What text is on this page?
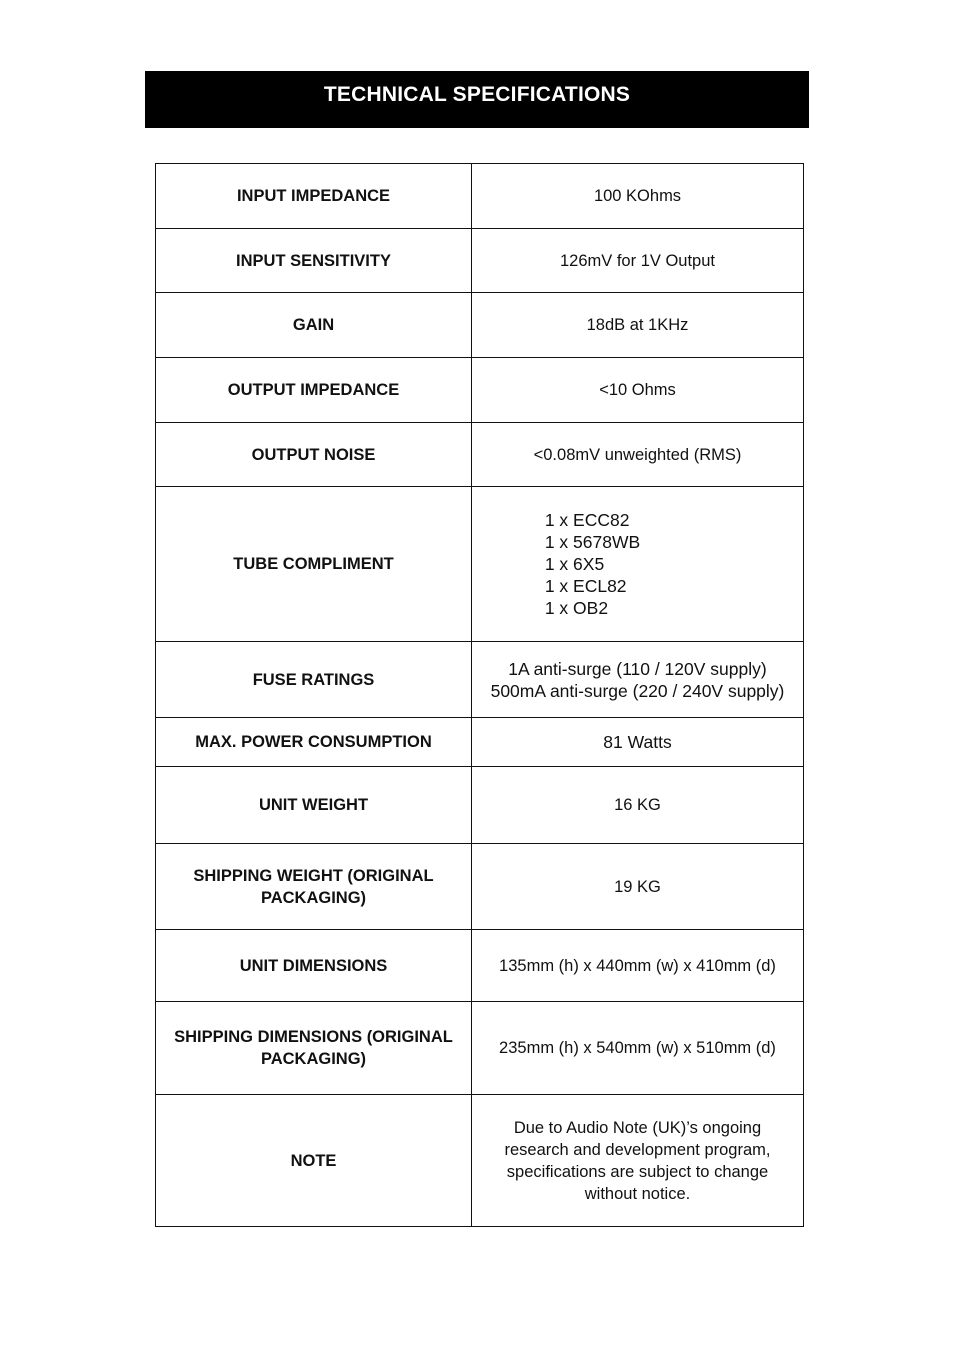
TECHNICAL SPECIFICATIONS
INPUT IMPEDANCE	100 KOhms
INPUT SENSITIVITY	126mV for 1V Output
GAIN	18dB at 1KHz
OUTPUT IMPEDANCE	<10 Ohms
OUTPUT NOISE	<0.08mV unweighted (RMS)
TUBE COMPLIMENT	1 x ECC82
1 x 5678WB
1 x 6X5
1 x ECL82
1 x OB2

FUSE RATINGS	1A anti-surge (110 / 120V supply)
500mA anti-surge (220 / 240V supply)

MAX. POWER CONSUMPTION	81 Watts
UNIT WEIGHT	16 KG
SHIPPING WEIGHT (ORIGINAL PACKAGING)	19 KG
UNIT DIMENSIONS	135mm (h) x 440mm (w) x 410mm (d)
SHIPPING DIMENSIONS (ORIGINAL PACKAGING)	235mm (h) x 540mm (w) x 510mm (d)
NOTE	Due to Audio Note (UK)’s ongoing
research and development program,
specifications are subject to change
without notice.
